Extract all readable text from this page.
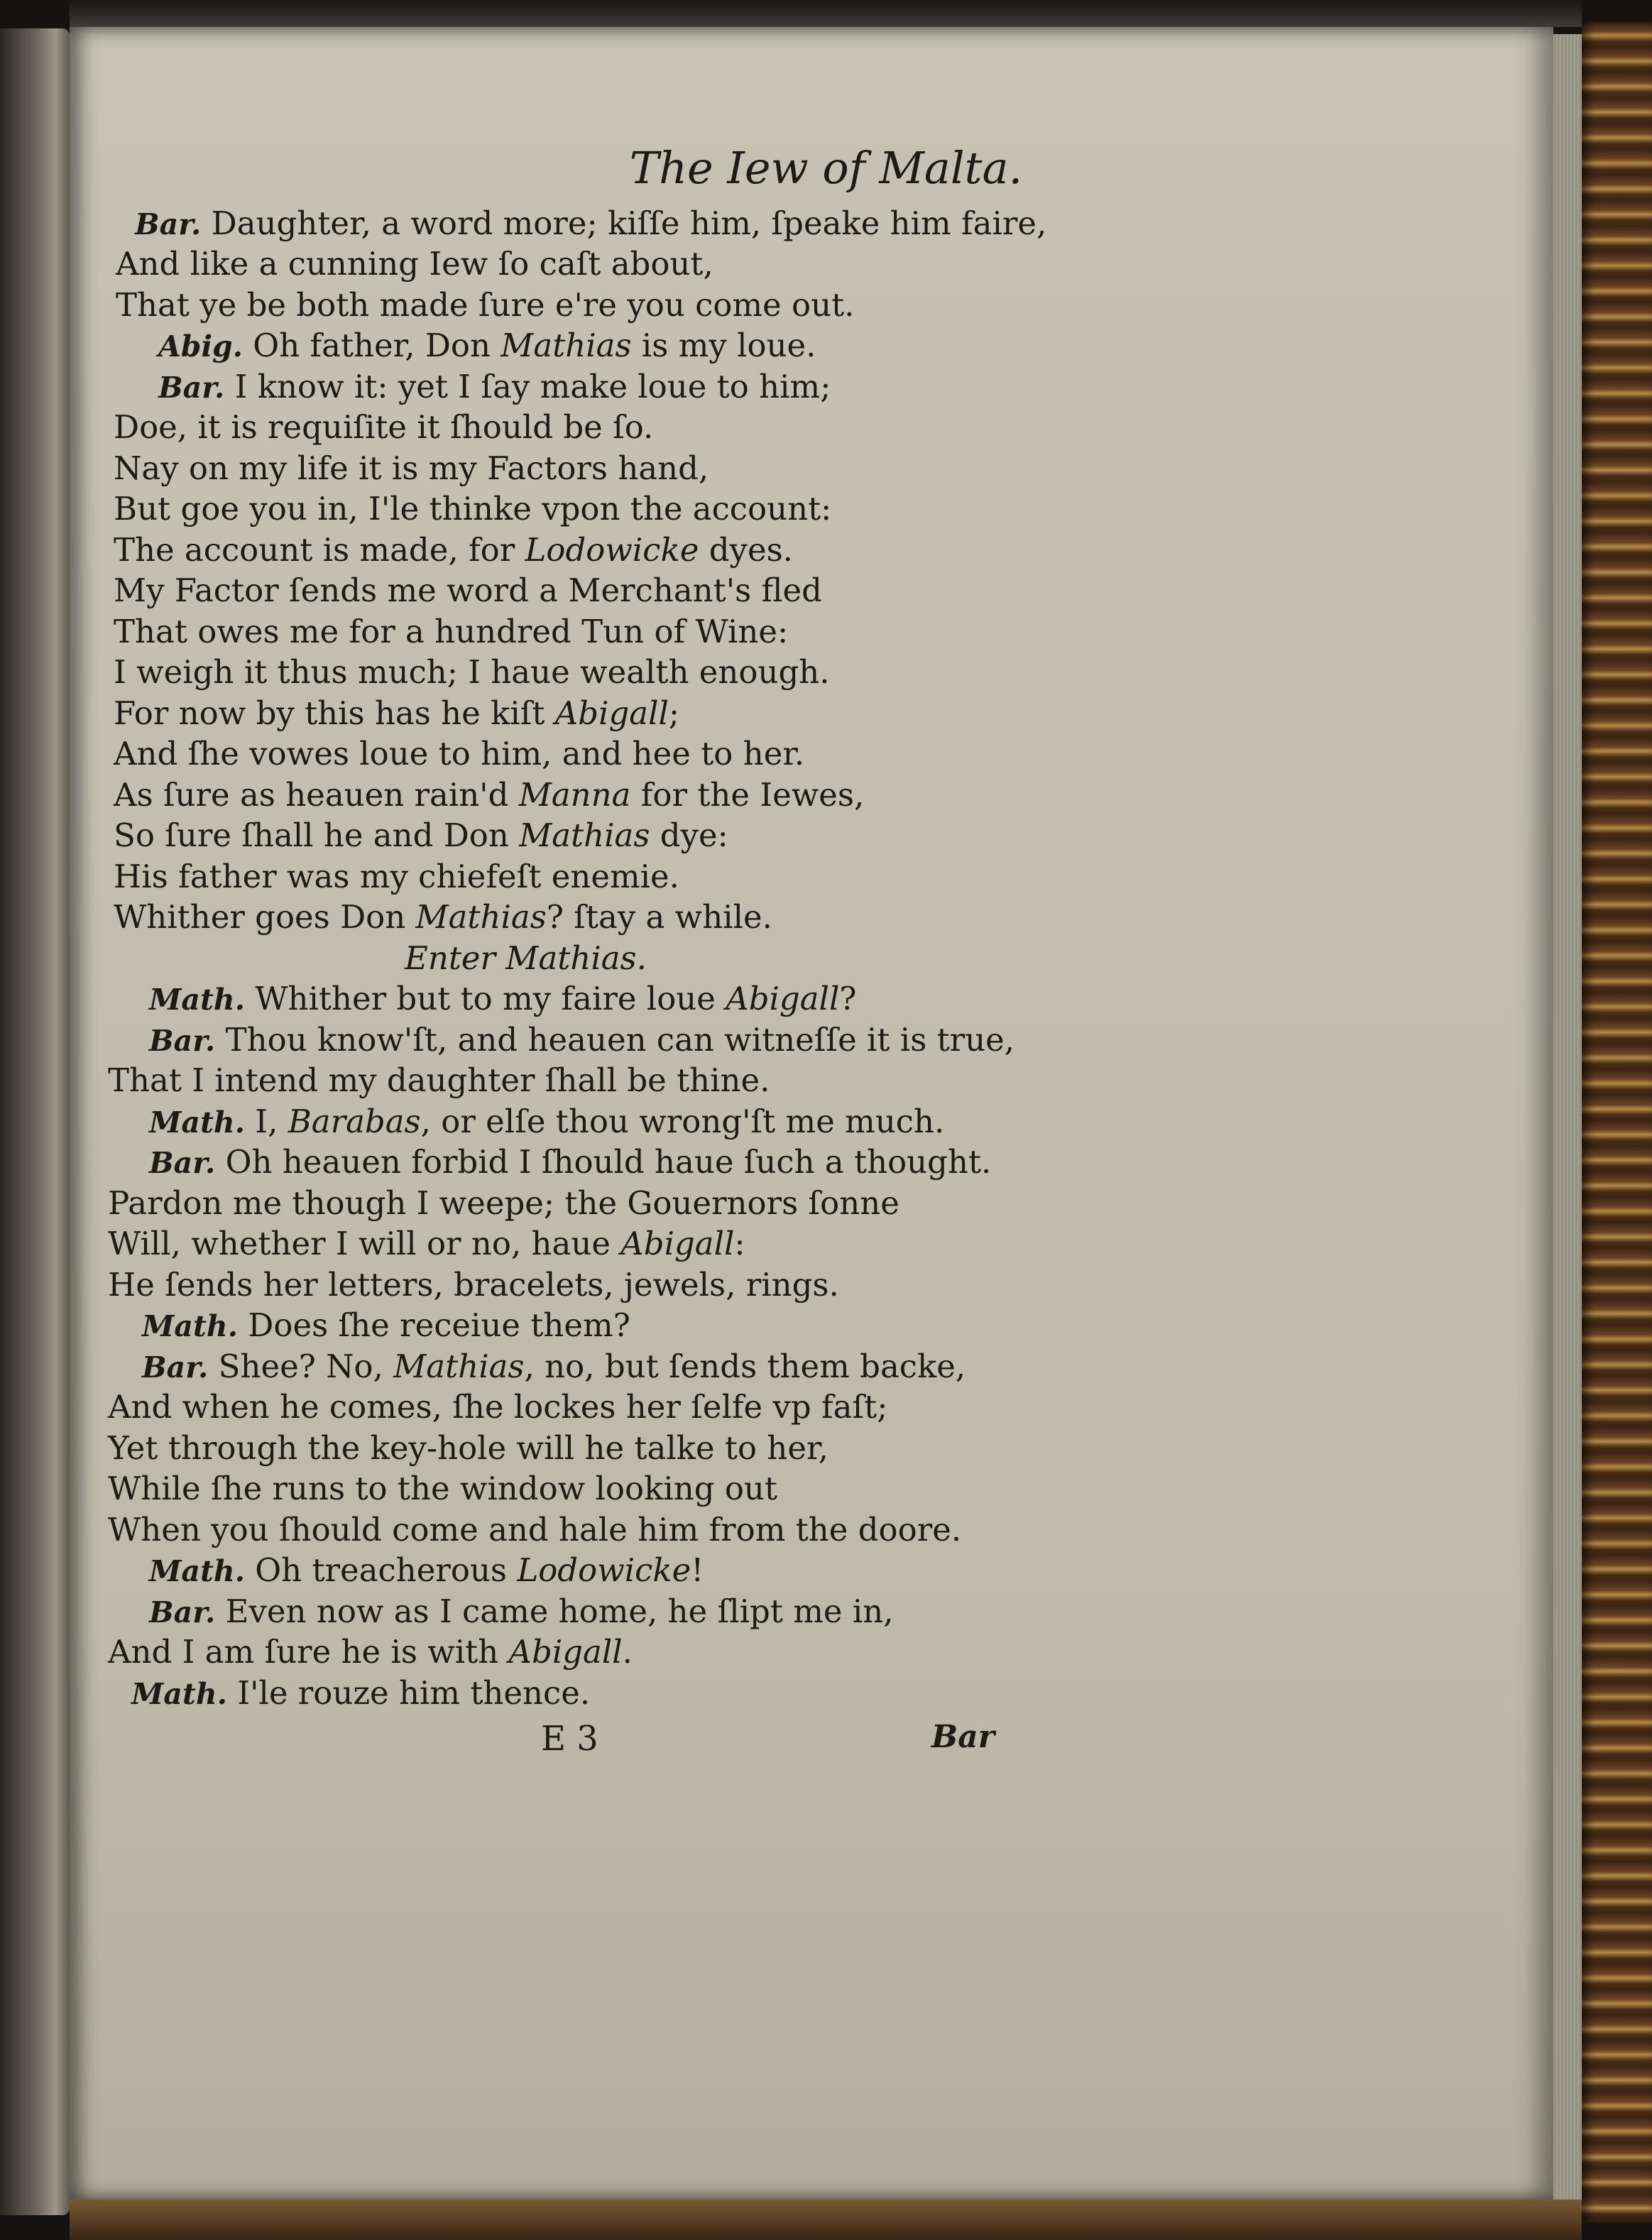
The Iew of Malta.
Bar. Daughter, a word more; kiſſe him, ſpeake him faire,
And like a cunning Iew ſo caſt about,
That ye be both made ſure e're you come out.
Abig. Oh father, Don Mathias is my loue.
Bar. I know it: yet I ſay make loue to him;
Doe, it is requiſite it ſhould be ſo.
Nay on my life it is my Factors hand,
But goe you in, I'le thinke vpon the account:
The account is made, for Lodowicke dyes.
My Factor ſends me word a Merchant's fled
That owes me for a hundred Tun of Wine:
I weigh it thus much; I haue wealth enough.
For now by this has he kiſt Abigall;
And ſhe vowes loue to him, and hee to her.
As ſure as heauen rain'd Manna for the Iewes,
So ſure ſhall he and Don Mathias dye:
His father was my chiefeſt enemie.
Whither goes Don Mathias? ſtay a while.
Enter Mathias.
Math. Whither but to my faire loue Abigall?
Bar. Thou know'ſt, and heauen can witneſſe it is true,
That I intend my daughter ſhall be thine.
Math. I, Barabas, or elſe thou wrong'ſt me much.
Bar. Oh heauen forbid I ſhould haue ſuch a thought.
Pardon me though I weepe; the Gouernors ſonne
Will, whether I will or no, haue Abigall:
He ſends her letters, bracelets, jewels, rings.
Math. Does ſhe receiue them?
Bar. Shee? No, Mathias, no, but ſends them backe,
And when he comes, ſhe lockes her ſelfe vp faſt;
Yet through the key-hole will he talke to her,
While ſhe runs to the window looking out
When you ſhould come and hale him from the doore.
Math. Oh treacherous Lodowicke!
Bar. Even now as I came home, he ſlipt me in,
And I am ſure he is with Abigall.
Math. I'le rouze him thence.
E 3	Bar
